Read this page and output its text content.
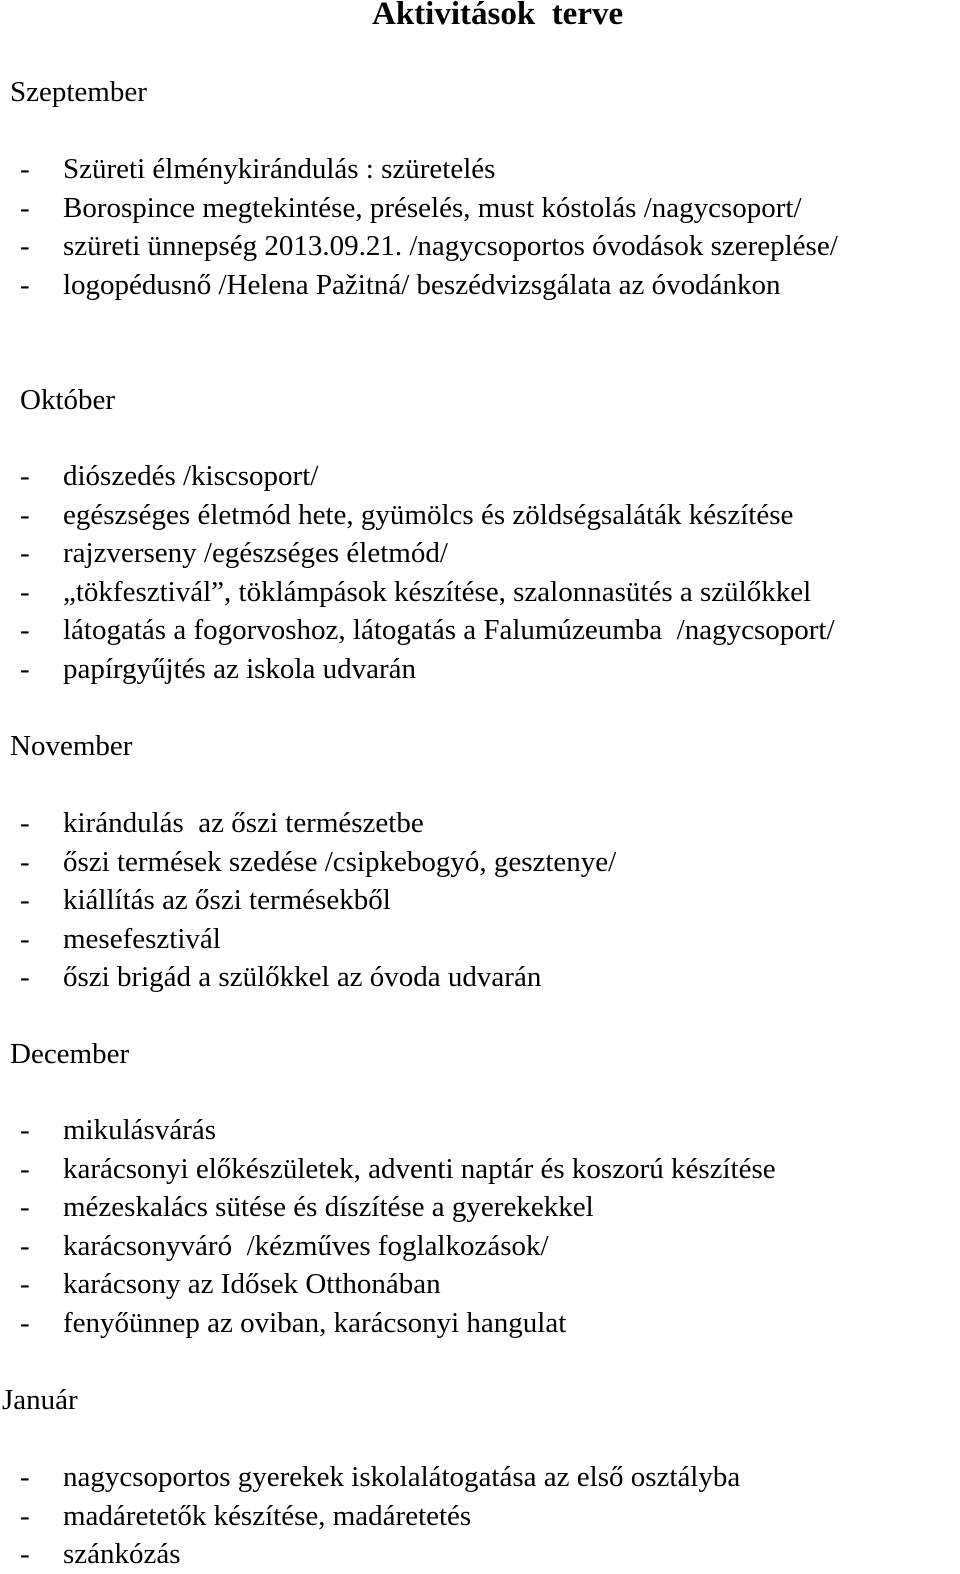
Aktivitások  terve
Szeptember
- Szüreti élménykirándulás : szüretelés
- Borospince megtekintése, préselés, must kóstolás /nagycsoport/
- szüreti ünnepség 2013.09.21. /nagycsoportos óvodások szereplése/
- logopédusnő /Helena Pažitná/ beszédvizsgálata az óvodánkon
Október
- diószedés /kiscsoport/
- egészséges életmód hete, gyümölcs és zöldségsaláták készítése
- rajzverseny /egészséges életmód/
- „tökfesztivál”, töklámpások készítése, szalonnasütés a szülőkkel
- látogatás a fogorvoshoz, látogatás a Falumúzeumba  /nagycsoport/
- papírgyűjtés az iskola udvarán
November
- kirándulás  az őszi természetbe
- őszi termések szedése /csipkebogyó, gesztenye/
- kiállítás az őszi termésekből
- mesefesztivál
- őszi brigád a szülőkkel az óvoda udvarán
December
- mikulásvárás
- karácsonyi előkészületek, adventi naptár és koszorú készítése
- mézeskalács sütése és díszítése a gyerekekkel
- karácsonyváró  /kézműves foglalkozások/
- karácsony az Idősek Otthonában
- fenyőünnep az oviban, karácsonyi hangulat
Január
- nagycsoportos gyerekek iskolalátogatása az első osztályba
- madáretetők készítése, madáretetés
- szánkózás
